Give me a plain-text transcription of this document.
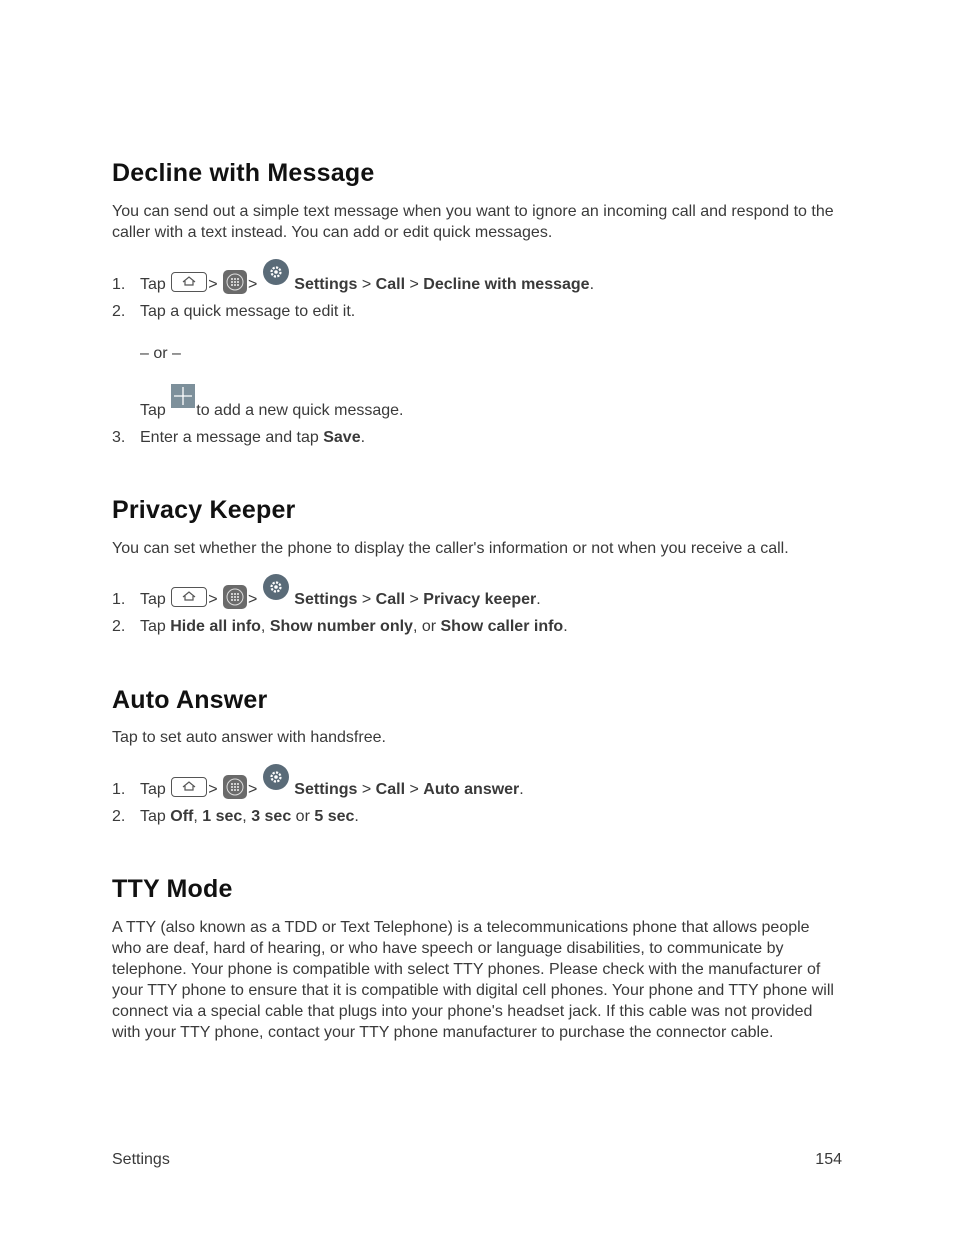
Decline with Message

You can send out a simple text message when you want to ignore an incoming call and respond to the caller with a text instead. You can add or edit quick messages.

1. Tap	> > Settings > Call > Decline with message.
2. Tap a quick message to edit it.
– or –
Tap to add a new quick message.
3. Enter a message and tap Save.
Privacy Keeper

You can set whether the phone to display the caller's information or not when you receive a call.

1. Tap	> > Settings > Call > Privacy keeper.
2. Tap Hide all info, Show number only, or Show caller info.
Auto Answer

Tap to set auto answer with handsfree.

1. Tap	> > Settings > Call > Auto answer.
2. Tap Off, 1 sec, 3 sec or 5 sec.
TTY Mode

A TTY (also known as a TDD or Text Telephone) is a telecommunications phone that allows people who are deaf, hard of hearing, or who have speech or language disabilities, to communicate by telephone. Your phone is compatible with select TTY phones. Please check with the manufacturer of your TTY phone to ensure that it is compatible with digital cell phones. Your phone and TTY phone will connect via a special cable that plugs into your phone's headset jack. If this cable was not provided with your TTY phone, contact your TTY phone manufacturer to purchase the connector cable.

Settings	154
